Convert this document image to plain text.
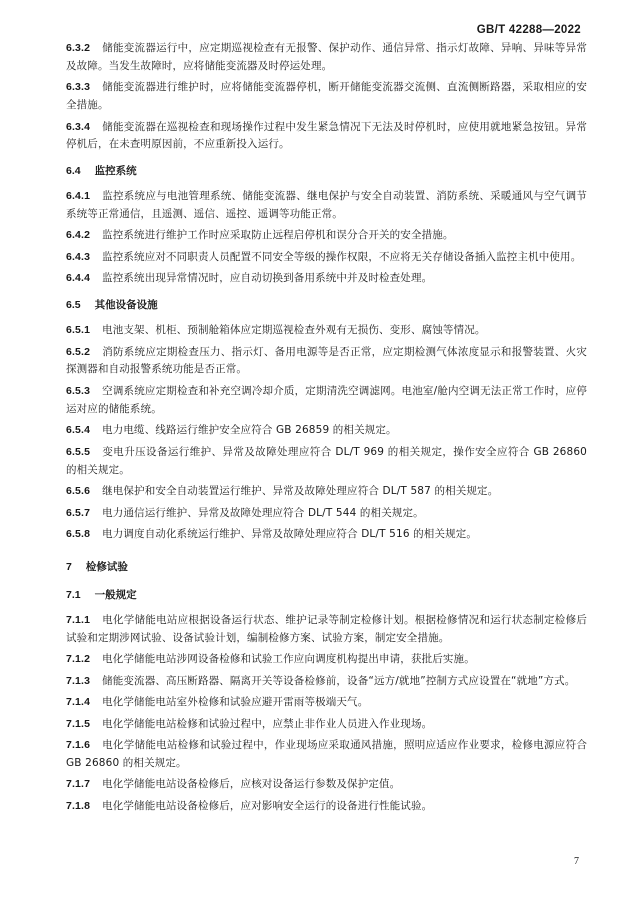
GB/T 42288—2022
6.3.2 储能变流器运行中，应定期巡视检查有无报警、保护动作、通信异常、指示灯故障、异响、异味等异常及故障。当发生故障时，应将储能变流器及时停运处理。
6.3.3 储能变流器进行维护时，应将储能变流器停机，断开储能变流器交流侧、直流侧断路器，采取相应的安全措施。
6.3.4 储能变流器在巡视检查和现场操作过程中发生紧急情况下无法及时停机时，应使用就地紧急按钮。异常停机后，在未查明原因前，不应重新投入运行。
6.4 监控系统
6.4.1 监控系统应与电池管理系统、储能变流器、继电保护与安全自动装置、消防系统、采暖通风与空气调节系统等正常通信，且遥测、遥信、遥控、遥调等功能正常。
6.4.2 监控系统进行维护工作时应采取防止远程启停机和误分合开关的安全措施。
6.4.3 监控系统应对不同职责人员配置不同安全等级的操作权限，不应将无关存储设备插入监控主机中使用。
6.4.4 监控系统出现异常情况时，应自动切换到备用系统中并及时检查处理。
6.5 其他设备设施
6.5.1 电池支架、机柜、预制舱箱体应定期巡视检查外观有无损伤、变形、腐蚀等情况。
6.5.2 消防系统应定期检查压力、指示灯、备用电源等是否正常，应定期检测气体浓度显示和报警装置、火灾探测器和自动报警系统功能是否正常。
6.5.3 空调系统应定期检查和补充空调冷却介质，定期清洗空调滤网。电池室/舱内空调无法正常工作时，应停运对应的储能系统。
6.5.4 电力电缆、线路运行维护安全应符合 GB 26859 的相关规定。
6.5.5 变电升压设备运行维护、异常及故障处理应符合 DL/T 969 的相关规定，操作安全应符合 GB 26860 的相关规定。
6.5.6 继电保护和安全自动装置运行维护、异常及故障处理应符合 DL/T 587 的相关规定。
6.5.7 电力通信运行维护、异常及故障处理应符合 DL/T 544 的相关规定。
6.5.8 电力调度自动化系统运行维护、异常及故障处理应符合 DL/T 516 的相关规定。
7 检修试验
7.1 一般规定
7.1.1 电化学储能电站应根据设备运行状态、维护记录等制定检修计划。根据检修情况和运行状态制定检修后试验和定期涉网试验、设备试验计划，编制检修方案、试验方案，制定安全措施。
7.1.2 电化学储能电站涉网设备检修和试验工作应向调度机构提出申请，获批后实施。
7.1.3 储能变流器、高压断路器、隔离开关等设备检修前，设备“远方/就地”控制方式应设置在“就地”方式。
7.1.4 电化学储能电站室外检修和试验应避开雷雨等极端天气。
7.1.5 电化学储能电站检修和试验过程中，应禁止非作业人员进入作业现场。
7.1.6 电化学储能电站检修和试验过程中，作业现场应采取通风措施，照明应适应作业要求，检修电源应符合 GB 26860 的相关规定。
7.1.7 电化学储能电站设备检修后，应核对设备运行参数及保护定值。
7.1.8 电化学储能电站设备检修后，应对影响安全运行的设备进行性能试验。
7
